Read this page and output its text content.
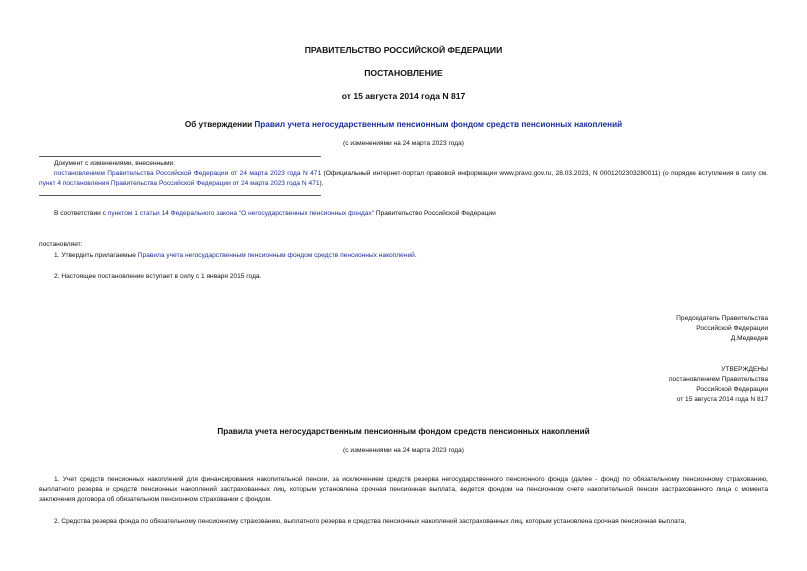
ПРАВИТЕЛЬСТВО РОССИЙСКОЙ ФЕДЕРАЦИИ
ПОСТАНОВЛЕНИЕ
от 15 августа 2014 года N 817
Об утверждении Правил учета негосударственным пенсионным фондом средств пенсионных накоплений
(с изменениями на 24 марта 2023 года)
Документ с изменениями, внесенными:
постановлением Правительства Российской Федерации от 24 марта 2023 года N 471 (Официальный интернет-портал правовой информации www.pravo.gov.ru, 28.03.2023, N 0001202303280011) (о порядке вступления в силу см. пункт 4 постановления Правительства Российской Федерации от 24 марта 2023 года N 471).
В соответствии с пунктом 1 статьи 14 Федерального закона "О негосударственных пенсионных фондах" Правительство Российской Федерации
постановляет:
1. Утвердить прилагаемые Правила учета негосударственным пенсионным фондом средств пенсионных накоплений.
2. Настоящее постановление вступает в силу с 1 января 2015 года.
Председатель Правительства
Российской Федерации
Д.Медведев
УТВЕРЖДЕНЫ
постановлением Правительства
Российской Федерации
от 15 августа 2014 года N 817
Правила учета негосударственным пенсионным фондом средств пенсионных накоплений
(с изменениями на 24 марта 2023 года)
1. Учет средств пенсионных накоплений для финансирования накопительной пенсии, за исключением средств резерва негосударственного пенсионного фонда (далее - фонд) по обязательному пенсионному страхованию, выплатного резерва и средств пенсионных накоплений застрахованных лиц, которым установлена срочная пенсионная выплата, ведется фондом на пенсионном счете накопительной пенсии застрахованного лица с момента заключения договора об обязательном пенсионном страховании с фондом.
2. Средства резерва фонда по обязательному пенсионному страхованию, выплатного резерва и средства пенсионных накоплений застрахованных лиц, которым установлена срочная пенсионная выплата,
